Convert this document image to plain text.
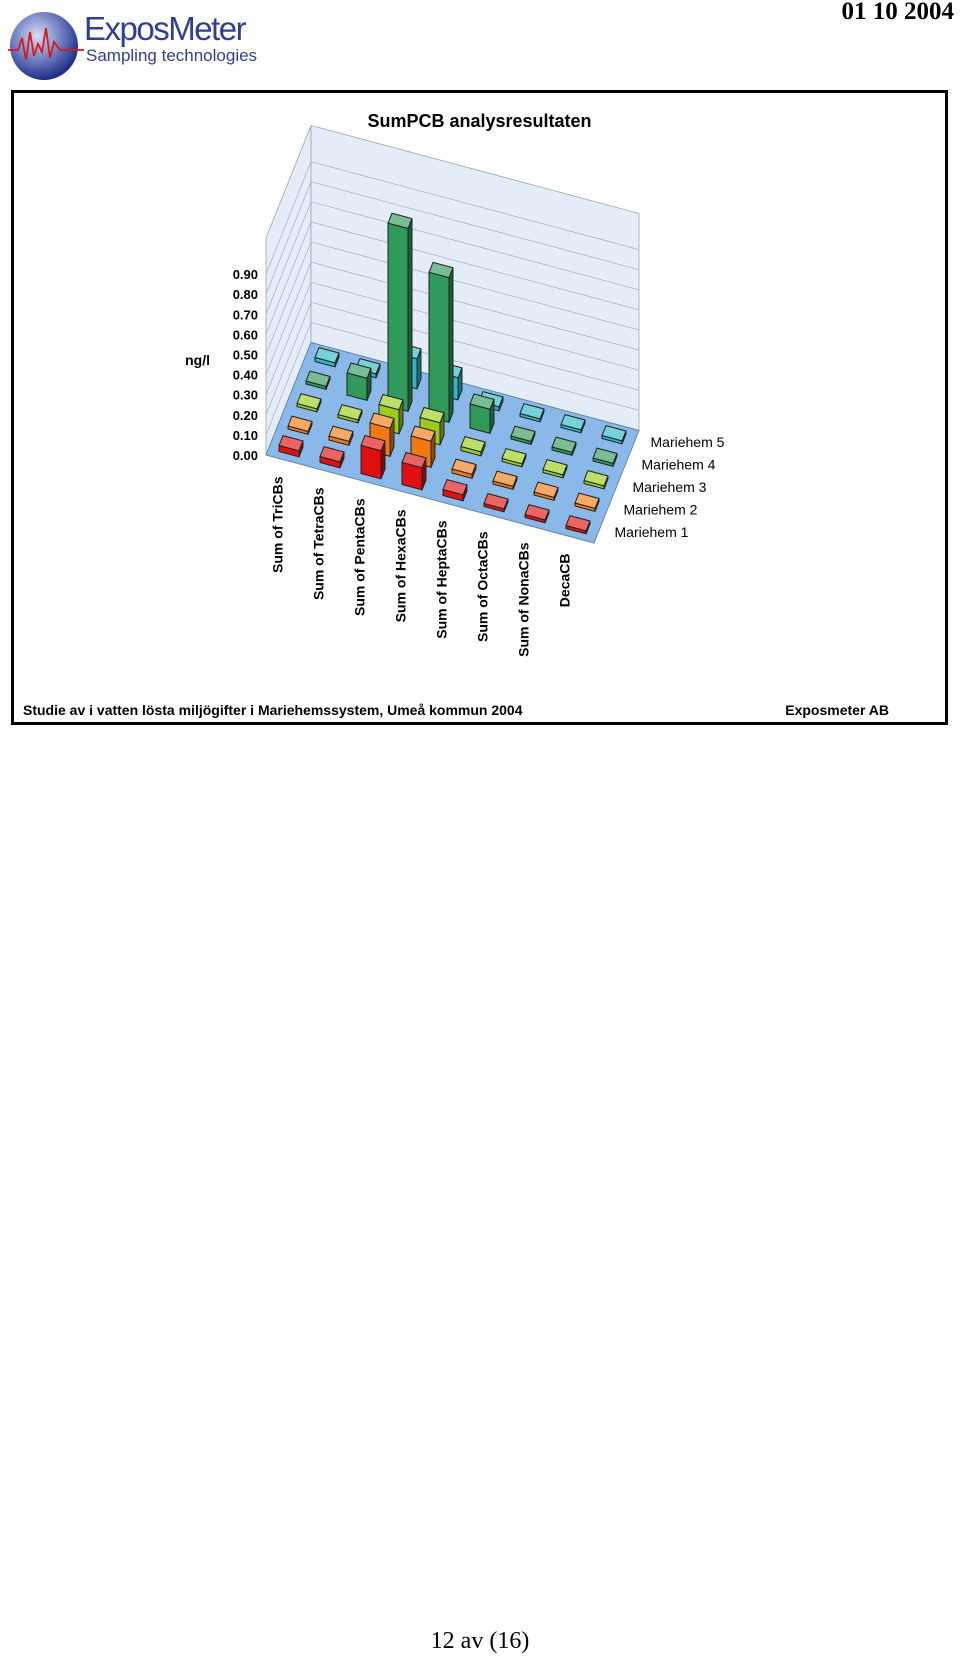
ExposMeter
Sampling technologies
01 10 2004
SumPCB analysresultaten
0.00
0.10
0.20
0.30
0.40
0.50
0.60
0.70
0.80
0.90
ng/l
Sum of TriCBs Sum of TetraCBs Sum of PentaCBs Sum of HexaCBs Sum of HeptaCBs Sum of OctaCBs Sum of NonaCBs DecaCB
Mariehem 1
Mariehem 2
Mariehem 3
Mariehem 4
Mariehem 5
Studie av i vatten lösta miljögifter i Mariehemssystem, Umeå kommun 2004	Exposmeter AB
12 av (16)
